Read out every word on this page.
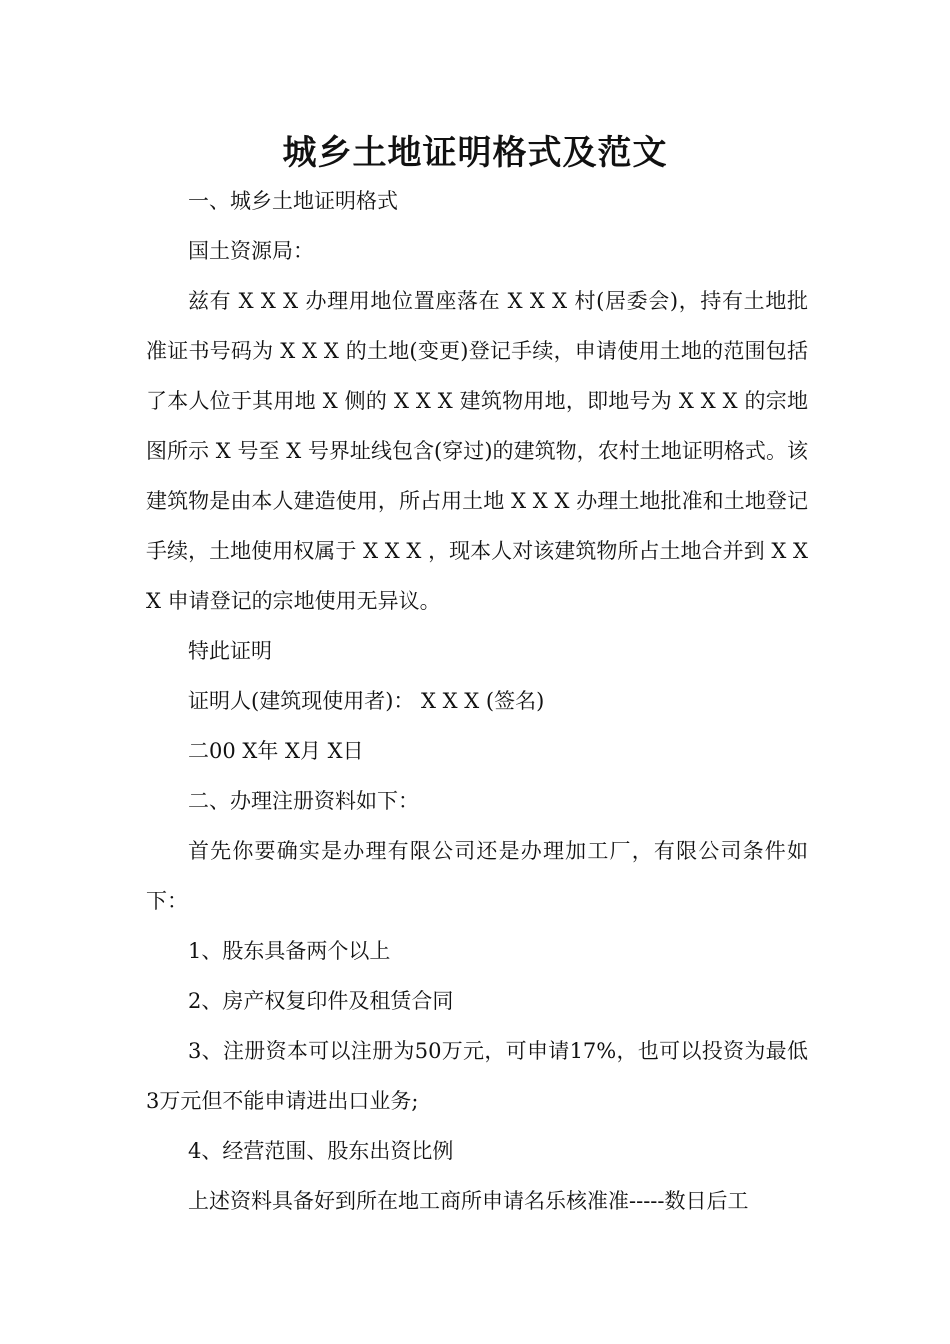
城乡土地证明格式及范文

一、城乡土地证明格式

国土资源局：

兹有 X X X 办理用地位置座落在 X X X 村(居委会)，持有土地批准证书号码为 X X X 的土地(变更)登记手续，申请使用土地的范围包括了本人位于其用地 X 侧的 X X X 建筑物用地，即地号为 X X X 的宗地图所示 X 号至 X 号界址线包含(穿过)的建筑物，农村土地证明格式。该建筑物是由本人建造使用，所占用土地 X X X 办理土地批准和土地登记手续，土地使用权属于 X X X ，现本人对该建筑物所占土地合并到 X X X 申请登记的宗地使用无异议。

特此证明

证明人(建筑现使用者)： X X X (签名)

二00 X年 X月 X日

二、办理注册资料如下：

首先你要确实是办理有限公司还是办理加工厂，有限公司条件如下：

1、股东具备两个以上

2、房产权复印件及租赁合同

3、注册资本可以注册为50万元，可申请17%，也可以投资为最低3万元但不能申请进出口业务;

4、经营范围、股东出资比例

上述资料具备好到所在地工商所申请名乐核准准-----数日后工
